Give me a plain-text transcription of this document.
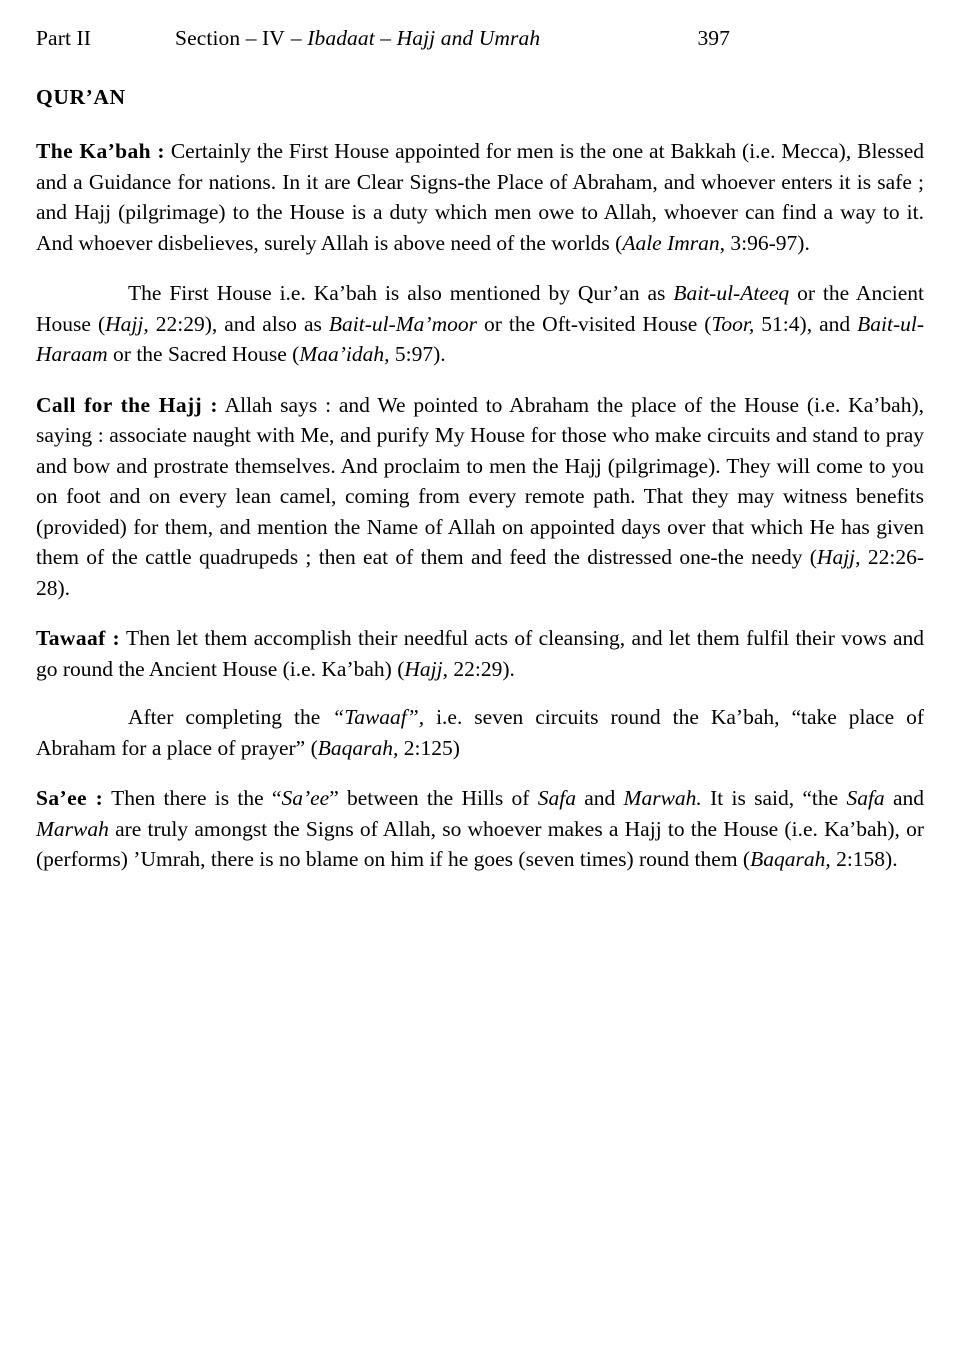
Part II	Section – IV – Ibadaat – Hajj and Umrah	397
QUR’AN

The Ka’bah : Certainly the First House appointed for men is the one at Bakkah (i.e. Mecca), Blessed and a Guidance for nations. In it are Clear Signs-the Place of Abraham, and whoever enters it is safe ; and Hajj (pilgrimage) to the House is a duty which men owe to Allah, whoever can find a way to it. And whoever disbelieves, surely Allah is above need of the worlds (Aale Imran, 3:96-97).

The First House i.e. Ka’bah is also mentioned by Qur’an as Bait-ul-Ateeq or the Ancient House (Hajj, 22:29), and also as Bait-ul-Ma’moor or the Oft-visited House (Toor, 51:4), and Bait-ul-Haraam or the Sacred House (Maa’idah, 5:97).

Call for the Hajj : Allah says : and We pointed to Abraham the place of the House (i.e. Ka’bah), saying : associate naught with Me, and purify My House for those who make circuits and stand to pray and bow and prostrate themselves. And proclaim to men the Hajj (pilgrimage). They will come to you on foot and on every lean camel, coming from every remote path. That they may witness benefits (provided) for them, and mention the Name of Allah on appointed days over that which He has given them of the cattle quadrupeds ; then eat of them and feed the distressed one-the needy (Hajj, 22:26-28).

Tawaaf : Then let them accomplish their needful acts of cleansing, and let them fulfil their vows and go round the Ancient House (i.e. Ka’bah) (Hajj, 22:29).

After completing the “Tawaaf”, i.e. seven circuits round the Ka’bah, “take place of Abraham for a place of prayer” (Baqarah, 2:125)

Sa’ee : Then there is the “Sa’ee” between the Hills of Safa and Marwah. It is said, “the Safa and Marwah are truly amongst the Signs of Allah, so whoever makes a Hajj to the House (i.e. Ka’bah), or (performs) ’Umrah, there is no blame on him if he goes (seven times) round them (Baqarah, 2:158).
